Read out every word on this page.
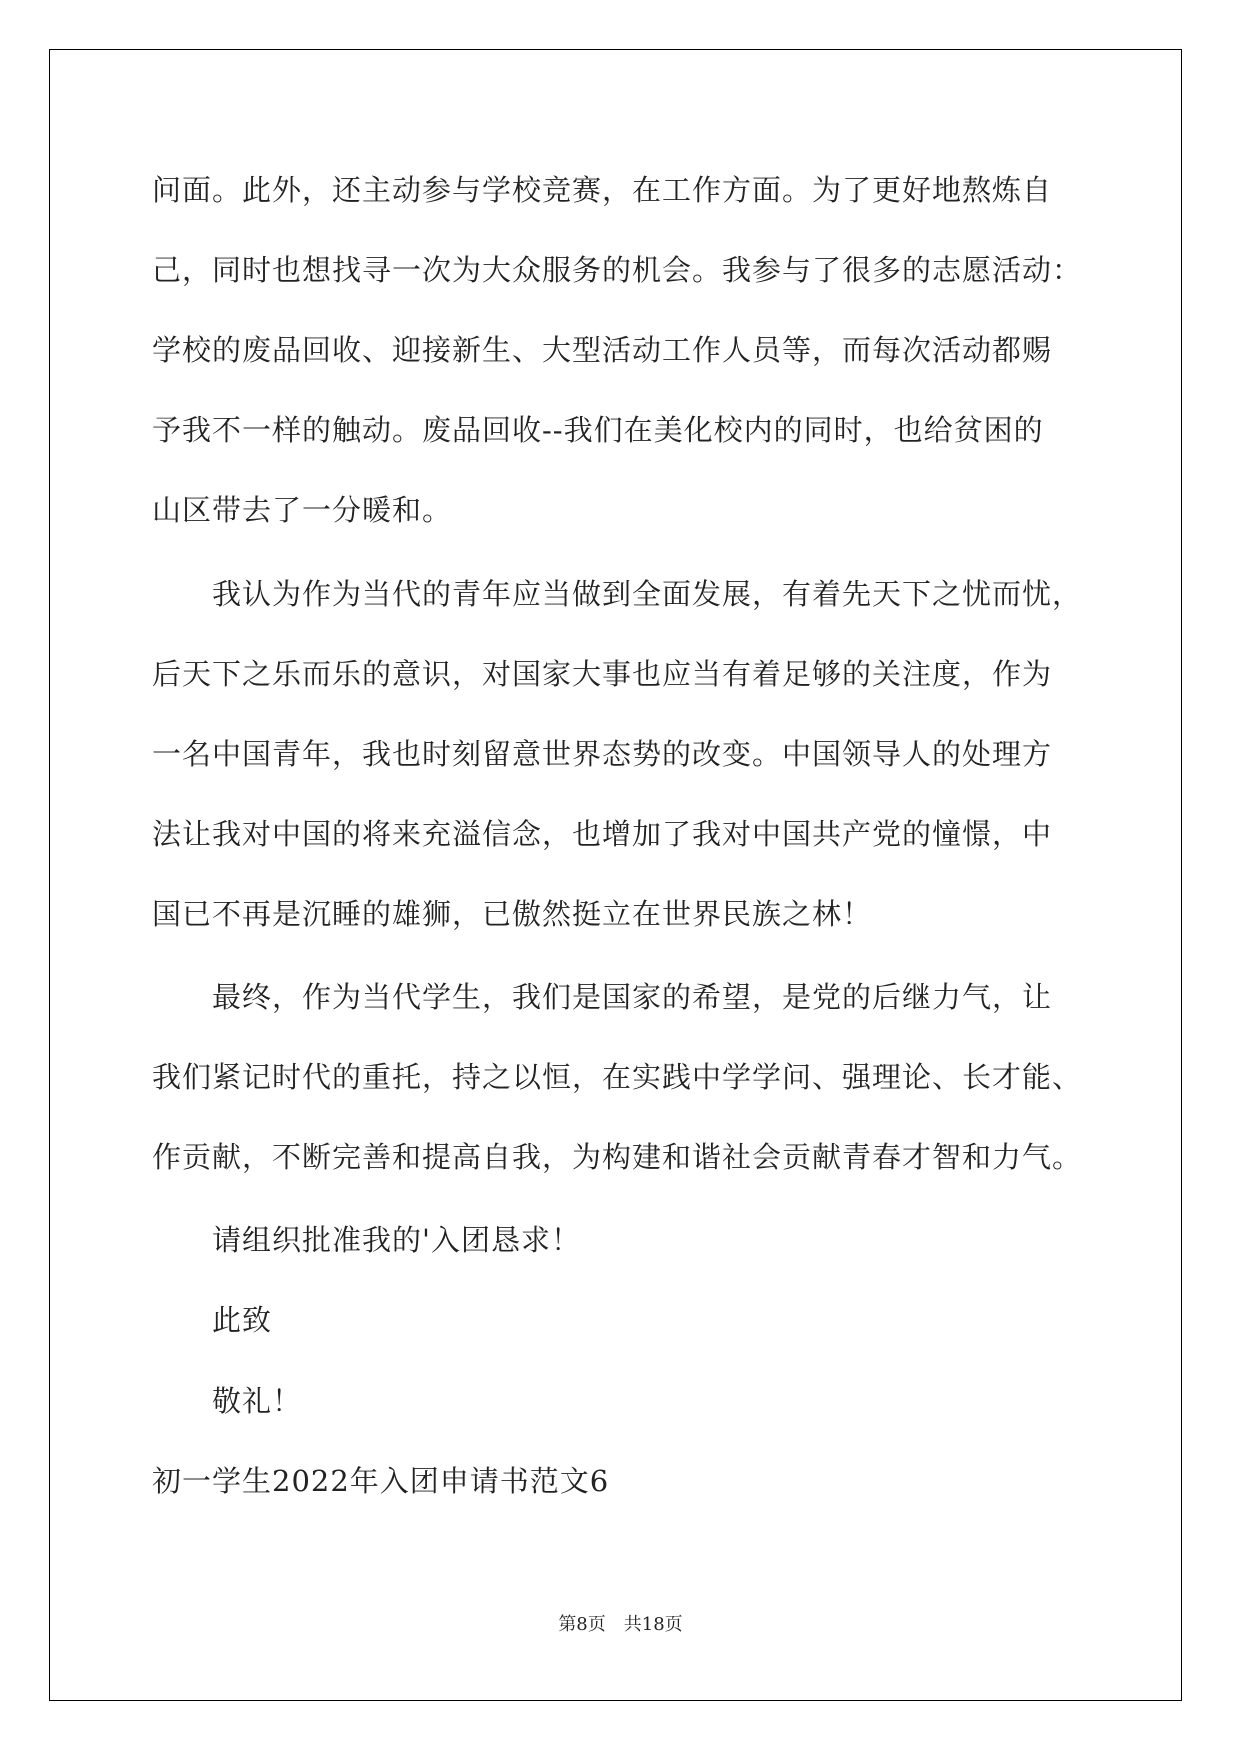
问面。此外，还主动参与学校竞赛，在工作方面。为了更好地熬炼自
己，同时也想找寻一次为大众服务的机会。我参与了很多的志愿活动：
学校的废品回收、迎接新生、大型活动工作人员等，而每次活动都赐
予我不一样的触动。废品回收--我们在美化校内的同时，也给贫困的
山区带去了一分暖和。
我认为作为当代的青年应当做到全面发展，有着先天下之忧而忧，
后天下之乐而乐的意识，对国家大事也应当有着足够的关注度，作为
一名中国青年，我也时刻留意世界态势的改变。中国领导人的处理方
法让我对中国的将来充溢信念，也增加了我对中国共产党的憧憬，中
国已不再是沉睡的雄狮，已傲然挺立在世界民族之林！
最终，作为当代学生，我们是国家的希望，是党的后继力气，让
我们紧记时代的重托，持之以恒，在实践中学学问、强理论、长才能、
作贡献，不断完善和提高自我，为构建和谐社会贡献青春才智和力气。
请组织批准我的'入团恳求！
此致
敬礼！
初一学生2022年入团申请书范文6
第8页 共18页
